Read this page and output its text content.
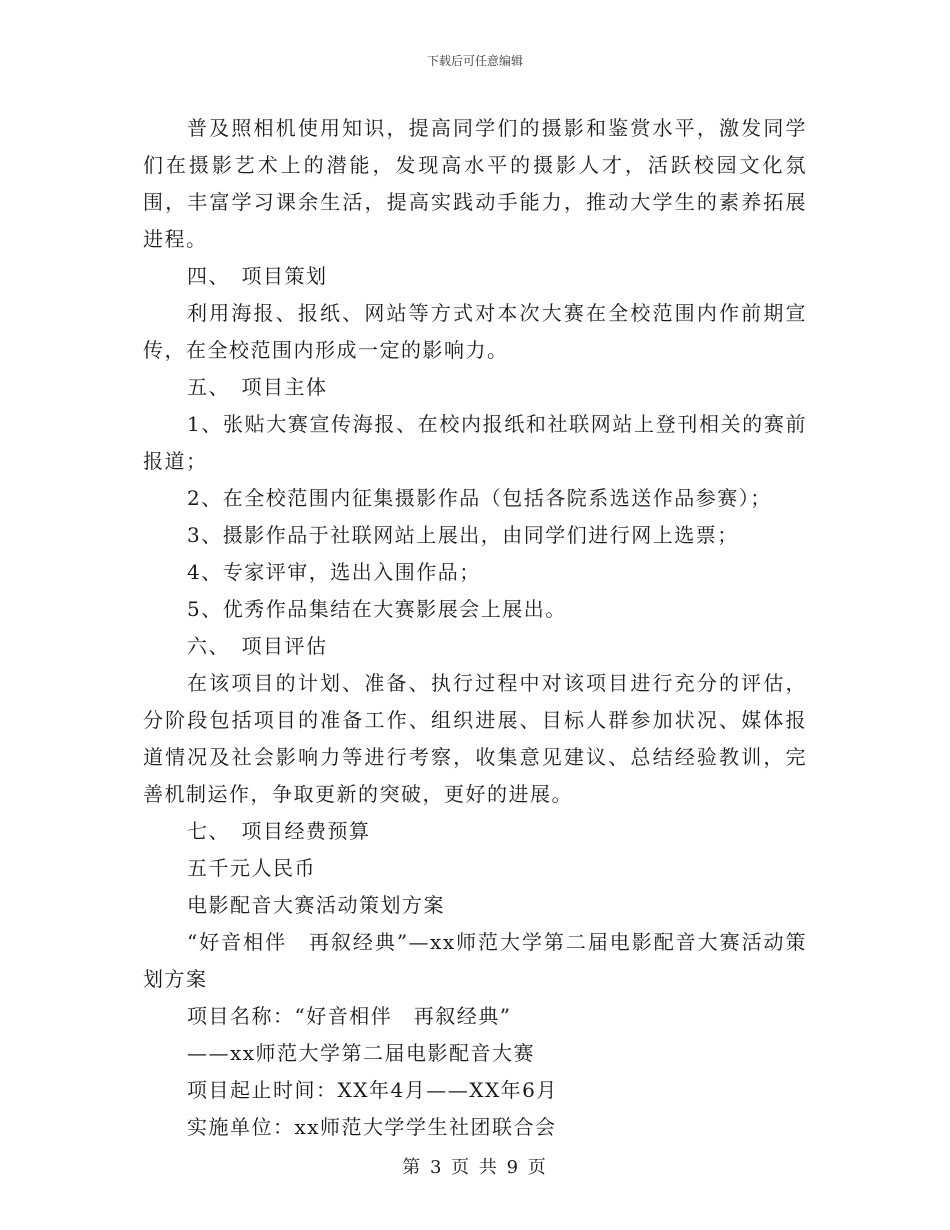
下载后可任意编辑

普及照相机使用知识，提高同学们的摄影和鉴赏水平，激发同学们在摄影艺术上的潜能，发现高水平的摄影人才，活跃校园文化氛围，丰富学习课余生活，提高实践动手能力，推动大学生的素养拓展进程。

四、　项目策划

利用海报、报纸、网站等方式对本次大赛在全校范围内作前期宣传，在全校范围内形成一定的影响力。

五、　项目主体

1、张贴大赛宣传海报、在校内报纸和社联网站上登刊相关的赛前报道；

2、在全校范围内征集摄影作品（包括各院系选送作品参赛）；

3、摄影作品于社联网站上展出，由同学们进行网上选票；

4、专家评审，选出入围作品；

5、优秀作品集结在大赛影展会上展出。

六、　项目评估

在该项目的计划、准备、执行过程中对该项目进行充分的评估，分阶段包括项目的准备工作、组织进展、目标人群参加状况、媒体报道情况及社会影响力等进行考察，收集意见建议、总结经验教训，完善机制运作，争取更新的突破，更好的进展。

七、　项目经费预算

五千元人民币

电影配音大赛活动策划方案

“好音相伴　再叙经典”—xx师范大学第二届电影配音大赛活动策划方案

项目名称：“好音相伴　再叙经典”

——xx师范大学第二届电影配音大赛

项目起止时间：XX年4月——XX年6月

实施单位：xx师范大学学生社团联合会

第 3 页 共 9 页
